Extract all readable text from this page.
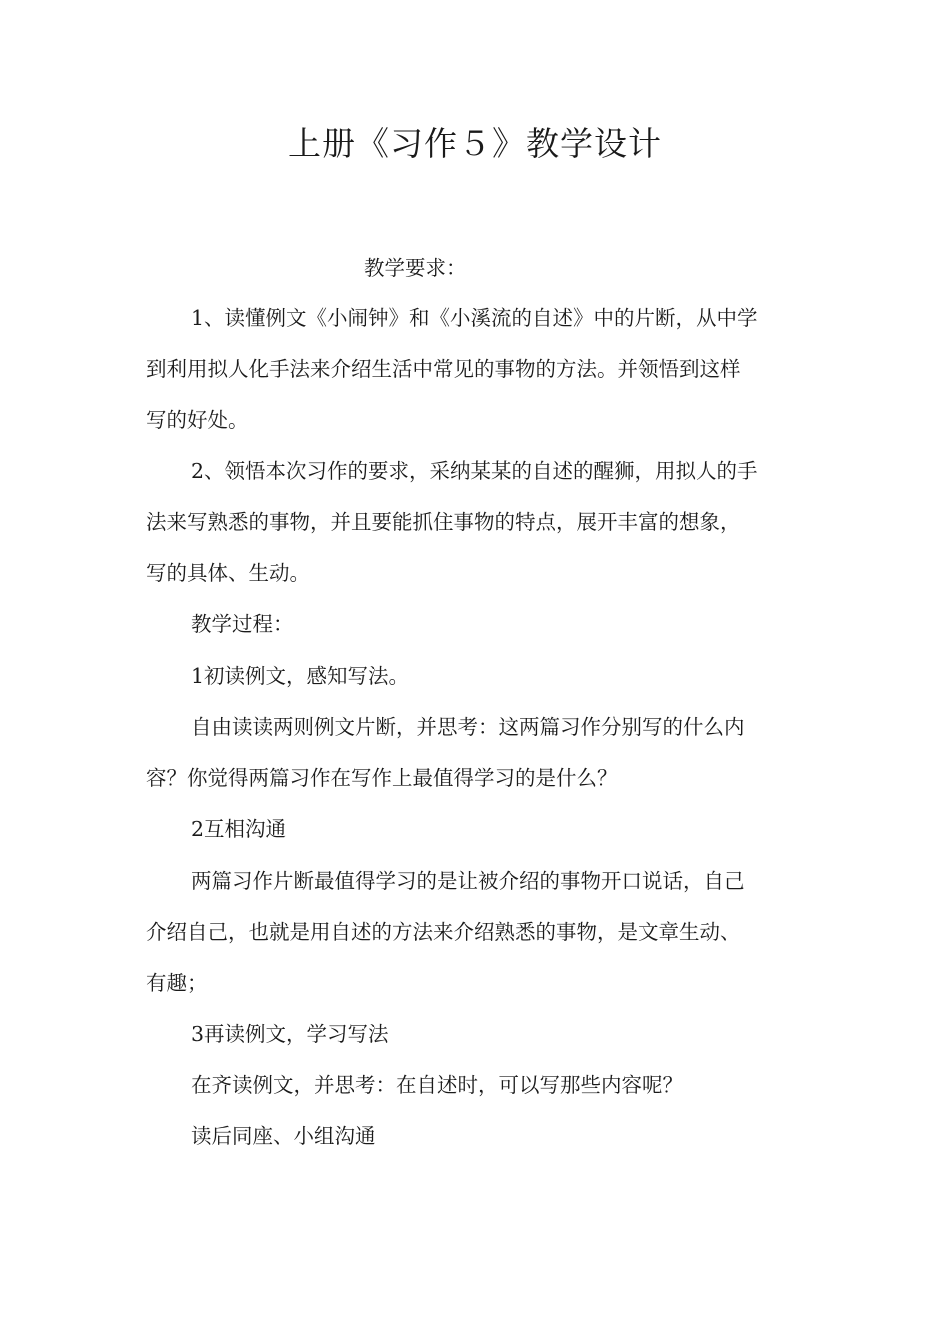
上册《习作５》教学设计

教学要求：

1、读懂例文《小闹钟》和《小溪流的自述》中的片断，从中学

到利用拟人化手法来介绍生活中常见的事物的方法。并领悟到这样

写的好处。

2、领悟本次习作的要求，采纳某某的自述的醒狮，用拟人的手

法来写熟悉的事物，并且要能抓住事物的特点，展开丰富的想象，

写的具体、生动。

教学过程：

1初读例文，感知写法。

自由读读两则例文片断，并思考：这两篇习作分别写的什么内

容？你觉得两篇习作在写作上最值得学习的是什么？

2互相沟通

两篇习作片断最值得学习的是让被介绍的事物开口说话，自己

介绍自己，也就是用自述的方法来介绍熟悉的事物，是文章生动、

有趣；

3再读例文，学习写法

在齐读例文，并思考：在自述时，可以写那些内容呢？

读后同座、小组沟通
